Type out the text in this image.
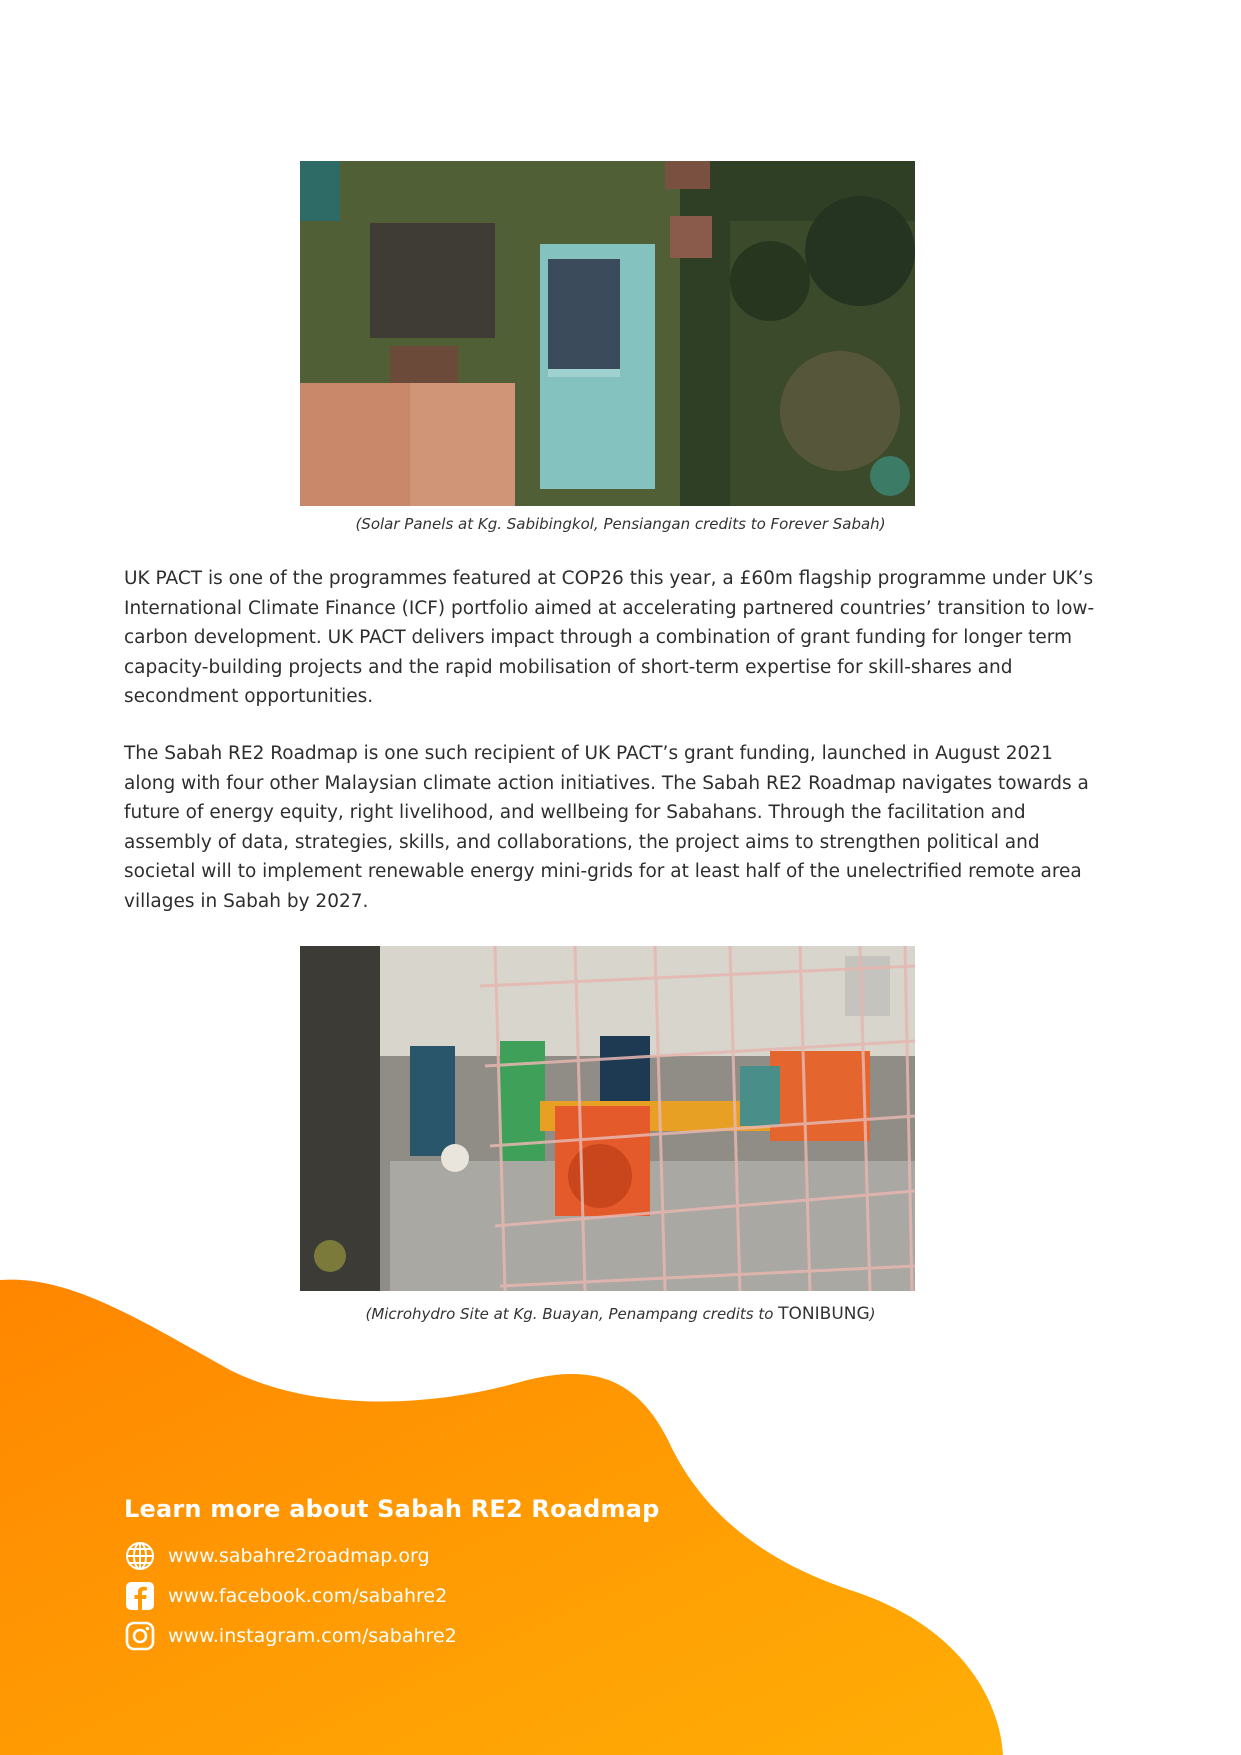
(Solar Panels at Kg. Sabibingkol, Pensiangan credits to Forever Sabah)

UK PACT is one of the programmes featured at COP26 this year, a £60m flagship programme under UK’s International Climate Finance (ICF) portfolio aimed at accelerating partnered countries’ transition to low-carbon development. UK PACT delivers impact through a combination of grant funding for longer term capacity-building projects and the rapid mobilisation of short-term expertise for skill-shares and secondment opportunities.

The Sabah RE2 Roadmap is one such recipient of UK PACT’s grant funding, launched in August 2021 along with four other Malaysian climate action initiatives. The Sabah RE2 Roadmap navigates towards a future of energy equity, right livelihood, and wellbeing for Sabahans. Through the facilitation and assembly of data, strategies, skills, and collaborations, the project aims to strengthen political and societal will to implement renewable energy mini-grids for at least half of the unelectrified remote area villages in Sabah by 2027.

(Microhydro Site at Kg. Buayan, Penampang credits to TONIBUNG)
Learn more about Sabah RE2 Roadmap
www.sabahre2roadmap.org
www.facebook.com/sabahre2
www.instagram.com/sabahre2
